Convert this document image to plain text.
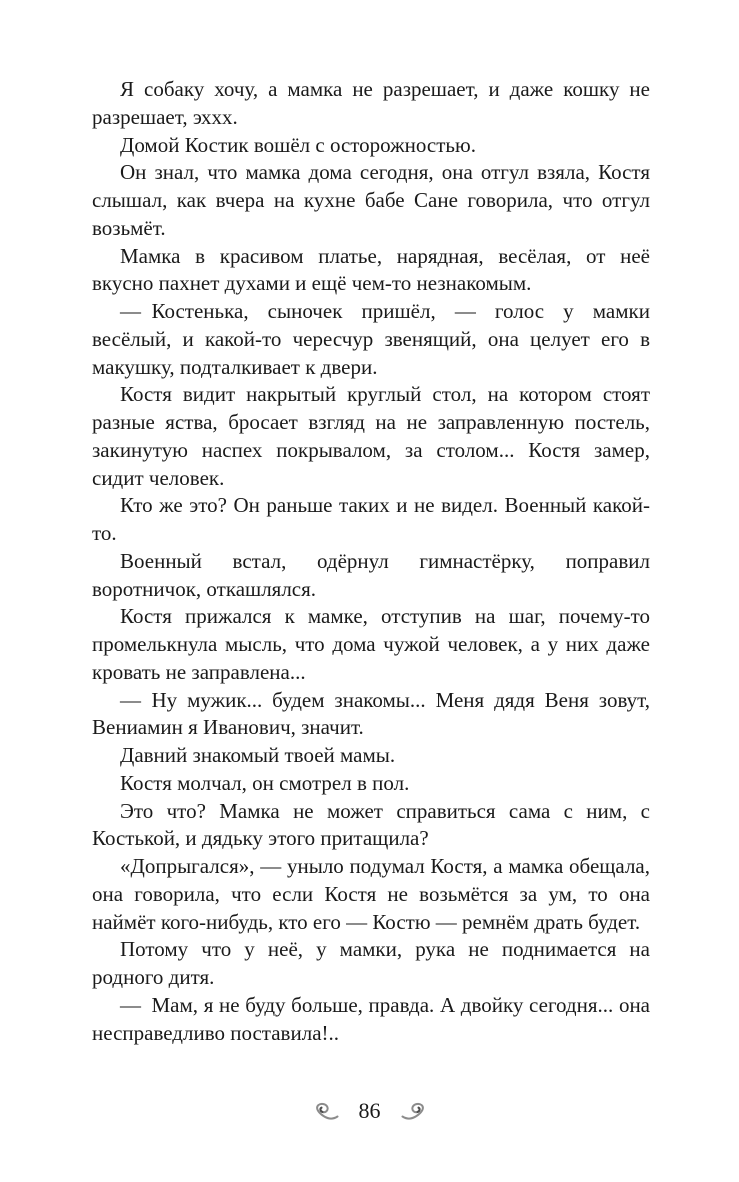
Я собаку хочу, а мамка не разрешает, и даже кошку не разрешает, эххх.

Домой Костик вошёл с осторожностью.

Он знал, что мамка дома сегодня, она отгул взяла, Костя слышал, как вчера на кухне бабе Сане говорила, что отгул возьмёт.

Мамка в красивом платье, нарядная, весёлая, от неё вкусно пахнет духами и ещё чем-то незнакомым.

— Костенька, сыночек пришёл, — голос у мамки весёлый, и какой-то чересчур звенящий, она целует его в макушку, подталкивает к двери.

Костя видит накрытый круглый стол, на котором стоят разные яства, бросает взгляд на не заправленную постель, закинутую наспех покрывалом, за столом... Костя замер, сидит человек.

Кто же это? Он раньше таких и не видел. Военный какой-то.

Военный встал, одёрнул гимнастёрку, поправил воротничок, откашлялся.

Костя прижался к мамке, отступив на шаг, почему-то промелькнула мысль, что дома чужой человек, а у них даже кровать не заправлена...

— Ну мужик... будем знакомы... Меня дядя Веня зовут, Вениамин я Иванович, значит.

Давний знакомый твоей мамы.

Костя молчал, он смотрел в пол.

Это что? Мамка не может справиться сама с ним, с Костькой, и дядьку этого притащила?

«Допрыгался», — уныло подумал Костя, а мамка обещала, она говорила, что если Костя не возьмётся за ум, то она наймёт кого-нибудь, кто его — Костю — ремнём драть будет.

Потому что у неё, у мамки, рука не поднимается на родного дитя.

— Мам, я не буду больше, правда. А двойку сегодня... она несправедливо поставила!..

86
